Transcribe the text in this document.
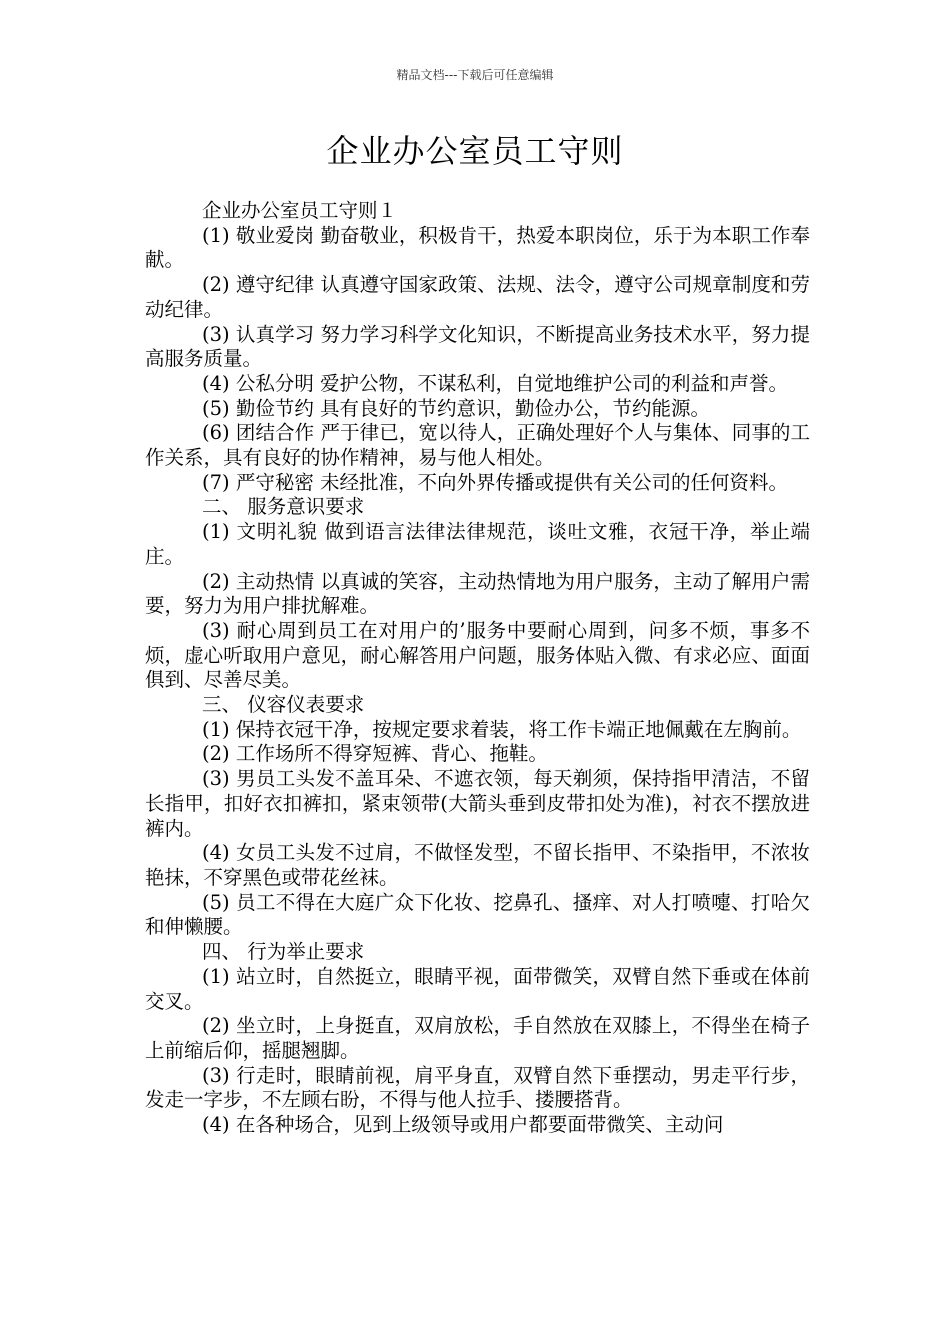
精品文档---下载后可任意编辑
企业办公室员工守则

企业办公室员工守则１

(1) 敬业爱岗 勤奋敬业，积极肯干，热爱本职岗位，乐于为本职工作奉献。

(2) 遵守纪律 认真遵守国家政策、法规、法令，遵守公司规章制度和劳动纪律。

(3) 认真学习 努力学习科学文化知识，不断提高业务技术水平，努力提高服务质量。

(4) 公私分明 爱护公物，不谋私利，自觉地维护公司的利益和声誉。

(5) 勤俭节约 具有良好的节约意识，勤俭办公，节约能源。

(6) 团结合作 严于律已，宽以待人，正确处理好个人与集体、同事的工作关系，具有良好的协作精神，易与他人相处。

(7) 严守秘密 未经批准，不向外界传播或提供有关公司的任何资料。

二、 服务意识要求

(1) 文明礼貌 做到语言法律法律规范，谈吐文雅，衣冠干净，举止端庄。

(2) 主动热情 以真诚的笑容，主动热情地为用户服务，主动了解用户需要，努力为用户排扰解难。

(3) 耐心周到员工在对用户的’服务中要耐心周到，问多不烦，事多不烦，虚心听取用户意见，耐心解答用户问题，服务体贴入微、有求必应、面面俱到、尽善尽美。

三、 仪容仪表要求

(1) 保持衣冠干净，按规定要求着装，将工作卡端正地佩戴在左胸前。

(2) 工作场所不得穿短裤、背心、拖鞋。

(3) 男员工头发不盖耳朵、不遮衣领，每天剃须，保持指甲清洁，不留长指甲，扣好衣扣裤扣，紧束领带(大箭头垂到皮带扣处为准)，衬衣不摆放进裤内。

(4) 女员工头发不过肩，不做怪发型，不留长指甲、不染指甲，不浓妆艳抹，不穿黑色或带花丝袜。

(5) 员工不得在大庭广众下化妆、挖鼻孔、搔痒、对人打喷嚏、打哈欠和伸懒腰。

四、 行为举止要求

(1) 站立时，自然挺立，眼睛平视，面带微笑，双臂自然下垂或在体前交叉。

(2) 坐立时，上身挺直，双肩放松，手自然放在双膝上，不得坐在椅子上前缩后仰，摇腿翘脚。

(3) 行走时，眼睛前视，肩平身直，双臂自然下垂摆动，男走平行步，发走一字步，不左顾右盼，不得与他人拉手、搂腰搭背。

(4) 在各种场合，见到上级领导或用户都要面带微笑、主动问
